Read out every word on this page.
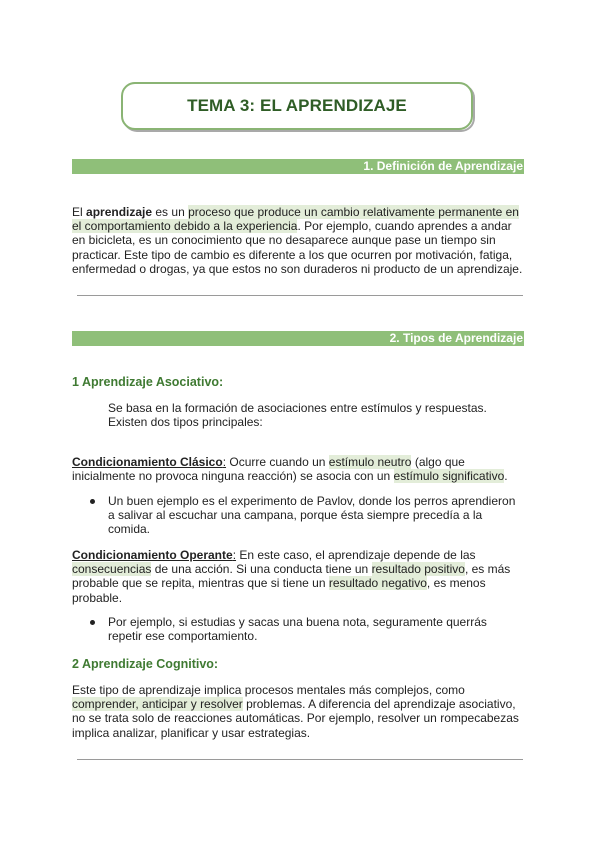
TEMA 3: EL APRENDIZAJE
1. Definición de Aprendizaje
El aprendizaje es un proceso que produce un cambio relativamente permanente en el comportamiento debido a la experiencia. Por ejemplo, cuando aprendes a andar en bicicleta, es un conocimiento que no desaparece aunque pase un tiempo sin practicar. Este tipo de cambio es diferente a los que ocurren por motivación, fatiga, enfermedad o drogas, ya que estos no son duraderos ni producto de un aprendizaje.
2. Tipos de Aprendizaje
1 Aprendizaje Asociativo:
Se basa en la formación de asociaciones entre estímulos y respuestas. Existen dos tipos principales:
Condicionamiento Clásico: Ocurre cuando un estímulo neutro (algo que inicialmente no provoca ninguna reacción) se asocia con un estímulo significativo.
Un buen ejemplo es el experimento de Pavlov, donde los perros aprendieron a salivar al escuchar una campana, porque ésta siempre precedía a la comida.
Condicionamiento Operante: En este caso, el aprendizaje depende de las consecuencias de una acción. Si una conducta tiene un resultado positivo, es más probable que se repita, mientras que si tiene un resultado negativo, es menos probable.
Por ejemplo, si estudias y sacas una buena nota, seguramente querrás repetir ese comportamiento.
2 Aprendizaje Cognitivo:
Este tipo de aprendizaje implica procesos mentales más complejos, como comprender, anticipar y resolver problemas. A diferencia del aprendizaje asociativo, no se trata solo de reacciones automáticas. Por ejemplo, resolver un rompecabezas implica analizar, planificar y usar estrategias.
